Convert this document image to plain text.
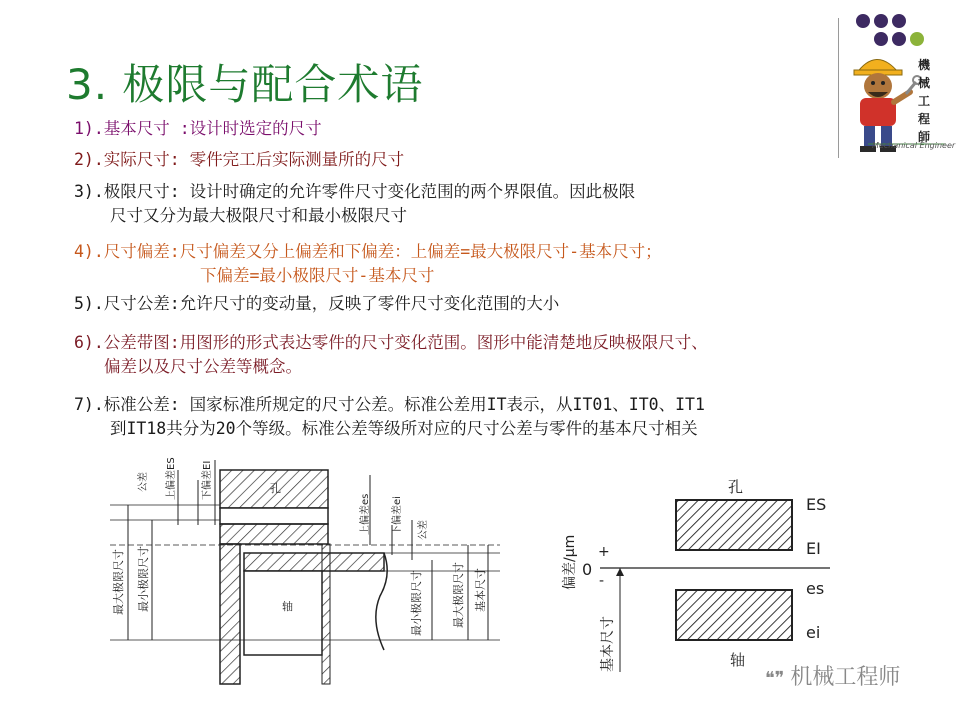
機械工程師
Mechanical Engineer
3. 极限与配合术语
1).基本尺寸 :设计时选定的尺寸
2).实际尺寸: 零件完工后实际测量所的尺寸
3).极限尺寸: 设计时确定的允许零件尺寸变化范围的两个界限值。因此极限
尺寸又分为最大极限尺寸和最小极限尺寸
4).尺寸偏差:尺寸偏差又分上偏差和下偏差：上偏差=最大极限尺寸-基本尺寸；
下偏差=最小极限尺寸-基本尺寸
5).尺寸公差:允许尺寸的变动量，反映了零件尺寸变化范围的大小
6).公差带图:用图形的形式表达零件的尺寸变化范围。图形中能清楚地反映极限尺寸、
偏差以及尺寸公差等概念。
7).标准公差: 国家标准所规定的尺寸公差。标准公差用IT表示，从IT01、IT0、IT1
到IT18共分为20个等级。标准公差等级所对应的尺寸公差与零件的基本尺寸相关
公差 上偏差ES	下偏差EI	孔
最大极限尺寸 最小极限尺寸	轴
上偏差es 下偏差ei 公差
最小极限尺寸	最大极限尺寸 基本尺寸
孔
ES
EI
es
ei
轴
0
+
-
偏差/μm
基本尺寸
❝❞ 机械工程师
